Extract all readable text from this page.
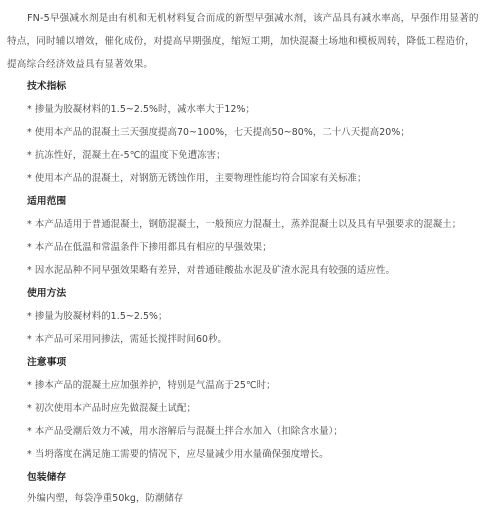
FN-5早强减水剂是由有机和无机材料复合而成的新型早强减水剂，该产品具有减水率高，早强作用显著的
特点，同时辅以增效，催化成份，对提高早期强度，缩短工期，加快混凝土场地和模板周转，降低工程造价，
提高综合经济效益具有显著效果。
技术指标
* 掺量为胶凝材料的1.5~2.5%时，减水率大于12%；
* 使用本产品的混凝土三天强度提高70~100%，七天提高50~80%，二十八天提高20%；
* 抗冻性好，混凝土在-5℃的温度下免遭冻害；
* 使用本产品的混凝土，对钢筋无锈蚀作用，主要物理性能均符合国家有关标准；
适用范围
* 本产品适用于普通混凝土，钢筋混凝土，一般预应力混凝土，蒸养混凝土以及具有早强要求的混凝土；
* 本产品在低温和常温条件下掺用都具有相应的早强效果；
* 因水泥品种不同早强效果略有差异，对普通硅酸盐水泥及矿渣水泥具有较强的适应性。
使用方法
* 掺量为胶凝材料的1.5~2.5%；
* 本产品可采用同掺法，需延长搅拌时间60秒。
注意事项
* 掺本产品的混凝土应加强养护，特别是气温高于25℃时；
* 初次使用本产品时应先做混凝土试配；
* 本产品受潮后效力不减，用水溶解后与混凝土拌合水加入（扣除含水量）；
* 当坍落度在满足施工需要的情况下，应尽量减少用水量确保强度增长。
包装储存
外编内塑，每袋净重50kg，防潮储存
